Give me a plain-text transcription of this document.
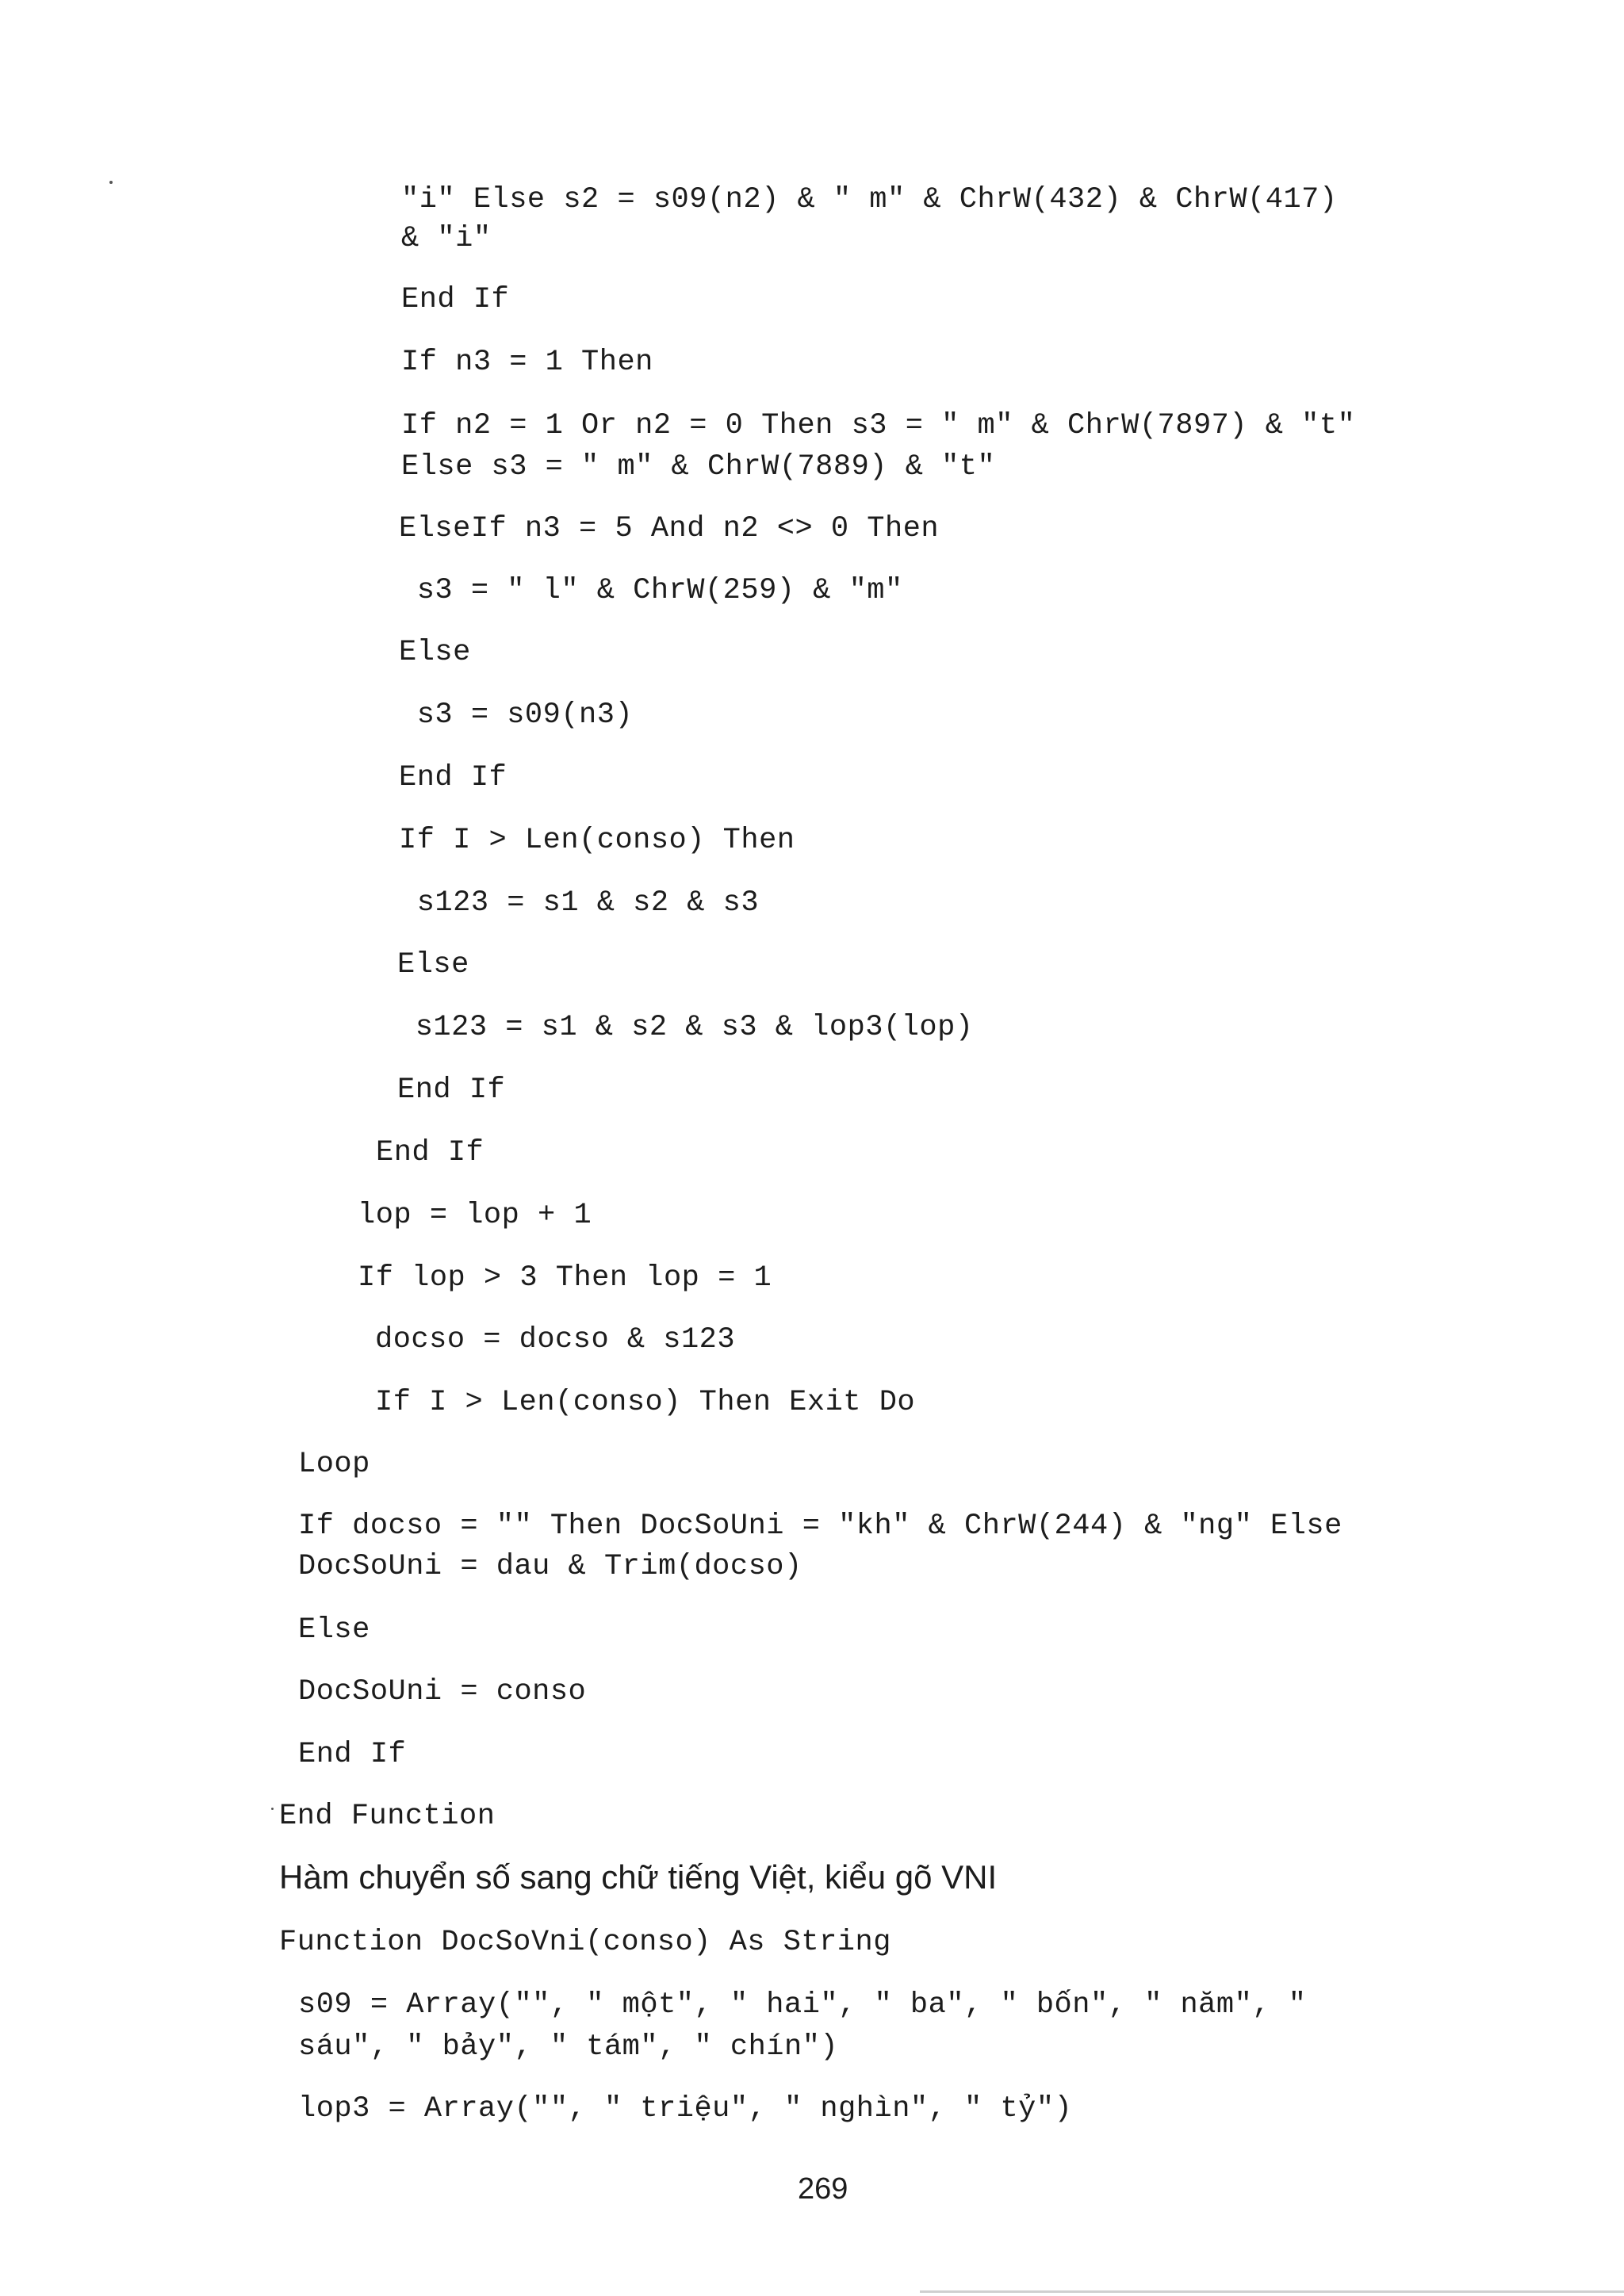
"i″ Else s2 = s09(n2) & " m″ & ChrW(432) & ChrW(417)
& "i″
End If
If n3 = 1 Then
If n2 = 1 Or n2 = 0 Then s3 = " m″ & ChrW(7897) & "t″
Else s3 = " m″ & ChrW(7889) & "t″
ElseIf n3 = 5 And n2 <> 0 Then
s3 = " l″ & ChrW(259) & "m″
Else
s3 = s09(n3)
End If
If I > Len(conso) Then
s123 = s1 & s2 & s3
Else
s123 = s1 & s2 & s3 & lop3(lop)
End If
End If
lop = lop + 1
If lop > 3 Then lop = 1
docso = docso & s123
If I > Len(conso) Then Exit Do
Loop
If docso = "″ Then DocSoUni = "kh″ & ChrW(244) & "ng″ Else
DocSoUni = dau & Trim(docso)
Else
DocSoUni = conso
End If
End Function
Hàm chuyển số sang chữ tiếng Việt, kiểu gõ VNI
Function DocSoVni(conso) As String
s09 = Array("″, " một″, " hai″, " ba″, " bốn″, " năm″, "
sáu″, " bảy″, " tám″, " chín″)
lop3 = Array("″, " triệu″, " nghìn″, " tỷ″)
269
